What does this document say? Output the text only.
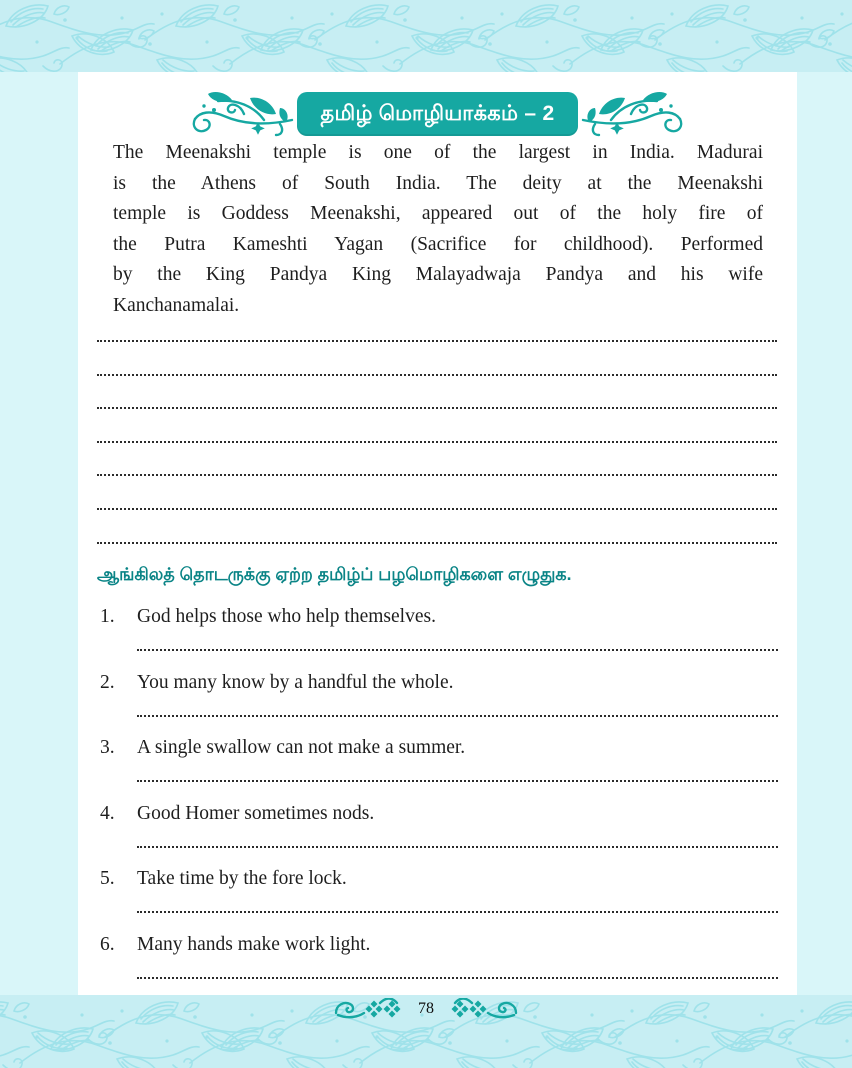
தமிழ் மொழியாக்கம் – 2
The Meenakshi temple is one of the largest in India. Madurai
is the Athens of South India. The deity at the Meenakshi
temple is Goddess Meenakshi, appeared out of the holy fire of
the Putra Kameshti Yagan (Sacrifice for childhood). Performed
by the King Pandya King Malayadwaja Pandya and his wife
Kanchanamalai.
ஆங்கிலத் தொடருக்கு ஏற்ற தமிழ்ப் பழமொழிகளை எழுதுக.
1.	God helps those who help themselves.
2.	You many know by a handful the whole.
3.	A single swallow can not make a summer.
4.	Good Homer sometimes nods.
5.	Take time by the fore lock.
6.	Many hands make work light.
78
